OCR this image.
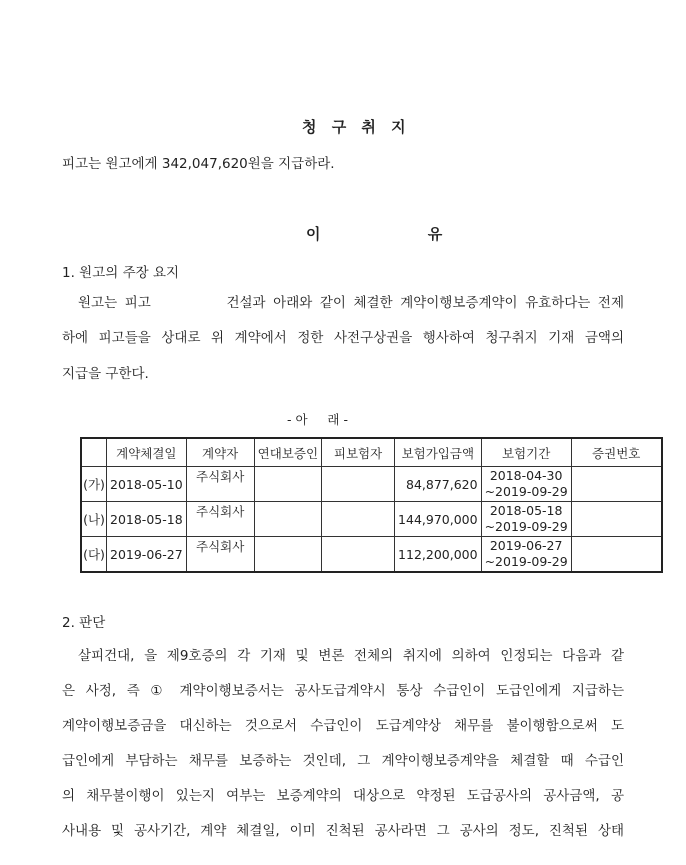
청 구 취 지
피고는 원고에게 342,047,620원을 지급하라.
이          유
1. 원고의 주장 요지
원고는 피고          건설과 아래와 같이 체결한 계약이행보증계약이 유효하다는 전제
하에 피고들을 상대로 위 계약에서 정한 사전구상권을 행사하여 청구취지 기재 금액의
지급을 구한다.
- 아     래 -
	계약체결일	계약자	연대보증인	피보험자	보험가입금액	보험기간	증권번호
(가)	2018-05-10	주식회사			84,877,620	2018-04-30
~2019-09-29	

(나)	2018-05-18	주식회사			144,970,000	2018-05-18
~2019-09-29	

(다)	2019-06-27	주식회사			112,200,000	2019-06-27
~2019-09-29	

2. 판단
살피건대, 을 제9호증의 각 기재 및 변론 전체의 취지에 의하여 인정되는 다음과 같
은 사정, 즉 ① 계약이행보증서는 공사도급계약시 통상 수급인이 도급인에게 지급하는
계약이행보증금을 대신하는 것으로서 수급인이 도급계약상 채무를 불이행함으로써 도
급인에게 부담하는 채무를 보증하는 것인데, 그 계약이행보증계약을 체결할 때 수급인
의 채무불이행이 있는지 여부는 보증계약의 대상으로 약정된 도급공사의 공사금액, 공
사내용 및 공사기간, 계약 체결일, 이미 진척된 공사라면 그 공사의 정도, 진척된 상태
